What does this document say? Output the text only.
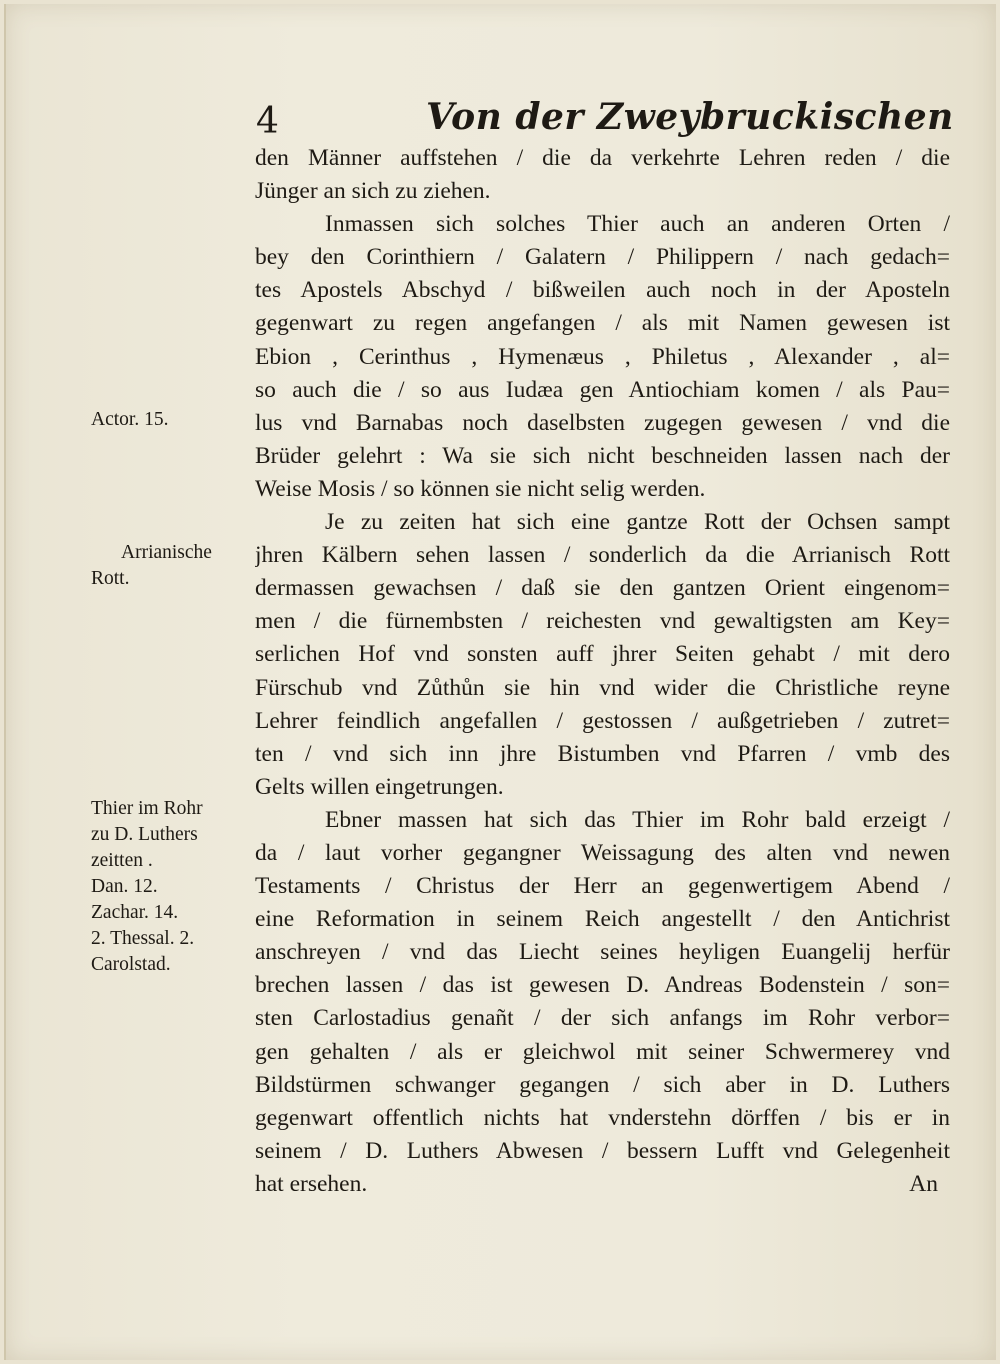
4	Von der Zweybruckischen
den Männer auffstehen / die da verkehrte Lehren reden / die
Jünger an sich zu ziehen.
Inmassen sich solches Thier auch an anderen Orten /
bey den Corinthiern / Galatern / Philippern / nach gedach=
tes Apostels Abschyd / bißweilen auch noch in der Aposteln
gegenwart zu regen angefangen / als mit Namen gewesen ist
Ebion , Cerinthus , Hymenæus , Philetus , Alexander , al=
so auch die / so aus Iudæa gen Antiochiam komen / als Pau=
lus vnd Barnabas noch daselbsten zugegen gewesen / vnd die
Brüder gelehrt : Wa sie sich nicht beschneiden lassen nach der
Weise Mosis / so können sie nicht selig werden.
Je zu zeiten hat sich eine gantze Rott der Ochsen sampt
jhren Kälbern sehen lassen / sonderlich da die Arrianisch Rott
dermassen gewachsen / daß sie den gantzen Orient eingenom=
men / die fürnembsten / reichesten vnd gewaltigsten am Key=
serlichen Hof vnd sonsten auff jhrer Seiten gehabt / mit dero
Fürschub vnd Zůthůn sie hin vnd wider die Christliche reyne
Lehrer feindlich angefallen / gestossen / außgetrieben / zutret=
ten / vnd sich inn jhre Bistumben vnd Pfarren / vmb des
Gelts willen eingetrungen.
Ebner massen hat sich das Thier im Rohr bald erzeigt /
da / laut vorher gegangner Weissagung des alten vnd newen
Testaments / Christus der Herr an gegenwertigem Abend /
eine Reformation in seinem Reich angestellt / den Antichrist
anschreyen / vnd das Liecht seines heyligen Euangelij herfür
brechen lassen / das ist gewesen D. Andreas Bodenstein / son=
sten Carlostadius genañt / der sich anfangs im Rohr verbor=
gen gehalten / als er gleichwol mit seiner Schwermerey vnd
Bildstürmen schwanger gegangen / sich aber in D. Luthers
gegenwart offentlich nichts hat vnderstehn dörffen / bis er in
seinem / D. Luthers Abwesen / bessern Lufft vnd Gelegenheit
hat ersehen.	An
Actor. 15.
Arrianische
Rott.
Thier im Rohr
zu D. Luthers
zeitten .
Dan. 12.
Zachar. 14.
2. Thessal. 2.
Carolstad.
